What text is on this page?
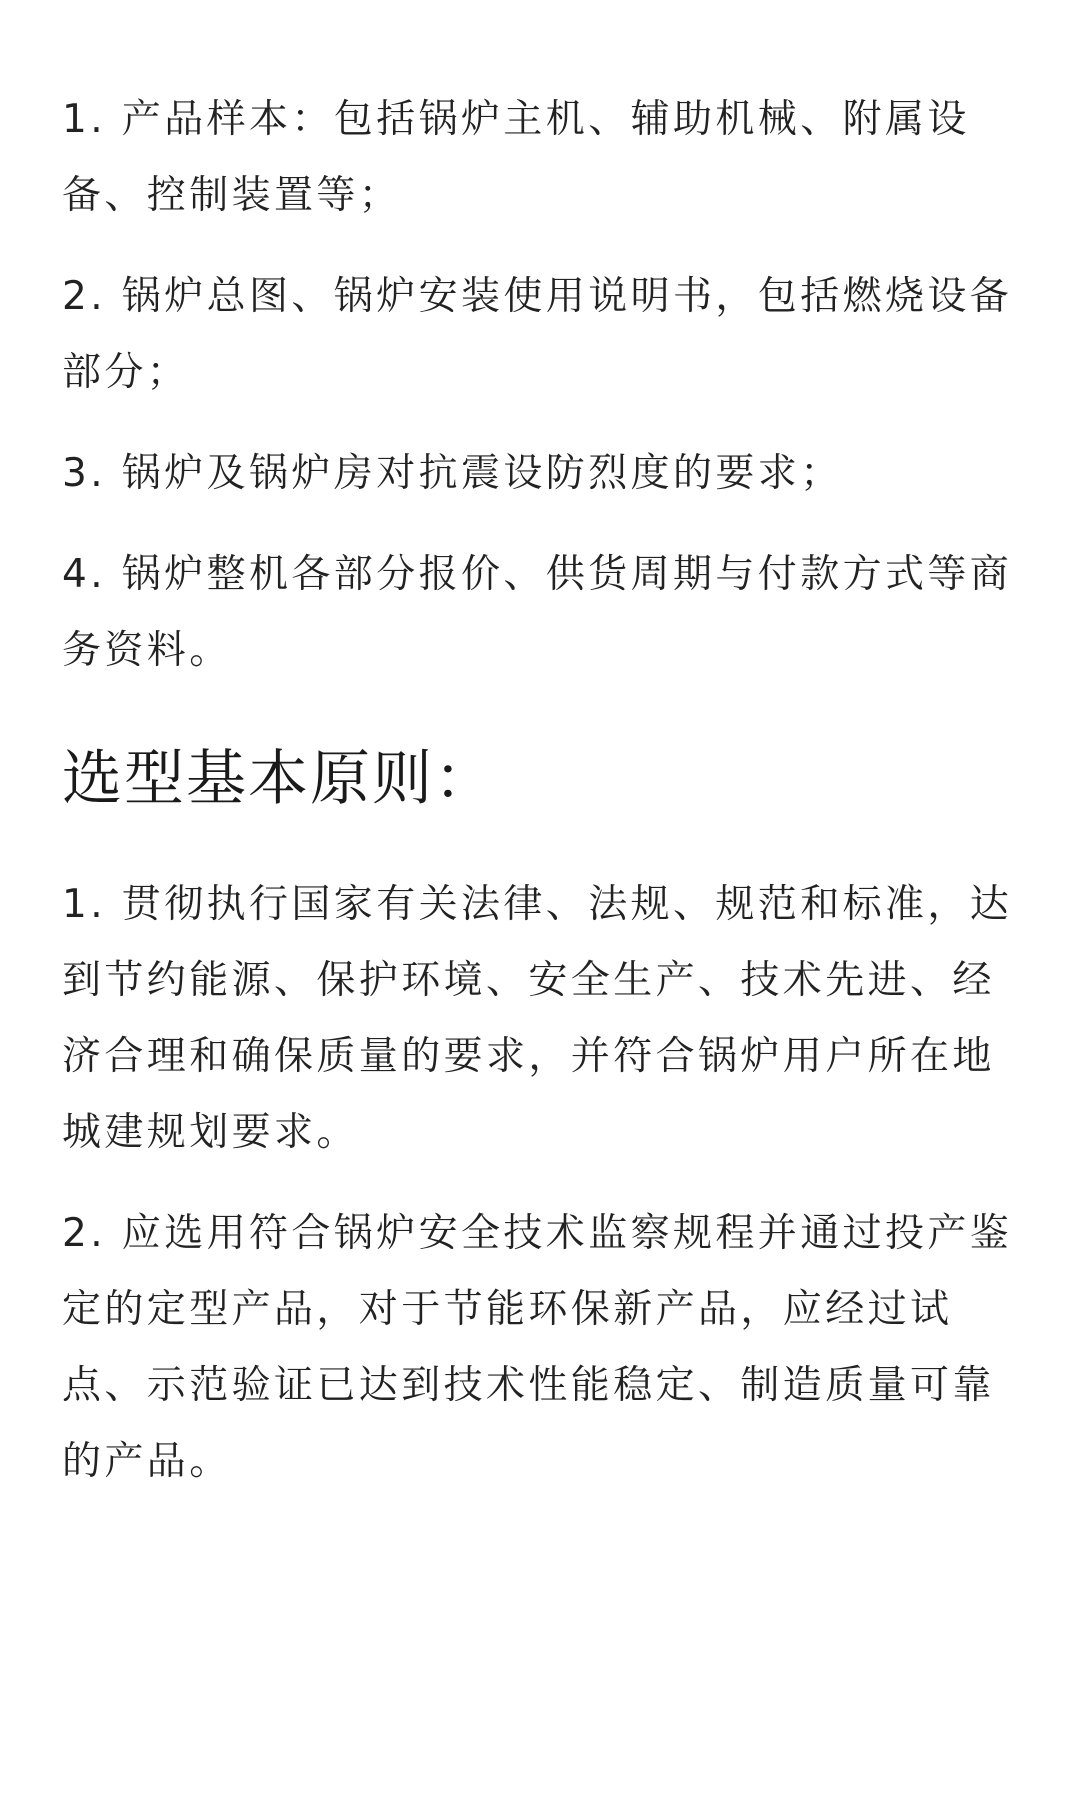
1. 产品样本：包括锅炉主机、辅助机械、附属设备、控制装置等；

2. 锅炉总图、锅炉安装使用说明书，包括燃烧设备部分；

3. 锅炉及锅炉房对抗震设防烈度的要求；

4. 锅炉整机各部分报价、供货周期与付款方式等商务资料。

选型基本原则：

1. 贯彻执行国家有关法律、法规、规范和标准，达到节约能源、保护环境、安全生产、技术先进、经济合理和确保质量的要求，并符合锅炉用户所在地城建规划要求。

2. 应选用符合锅炉安全技术监察规程并通过投产鉴定的定型产品，对于节能环保新产品，应经过试点、示范验证已达到技术性能稳定、制造质量可靠的产品。
